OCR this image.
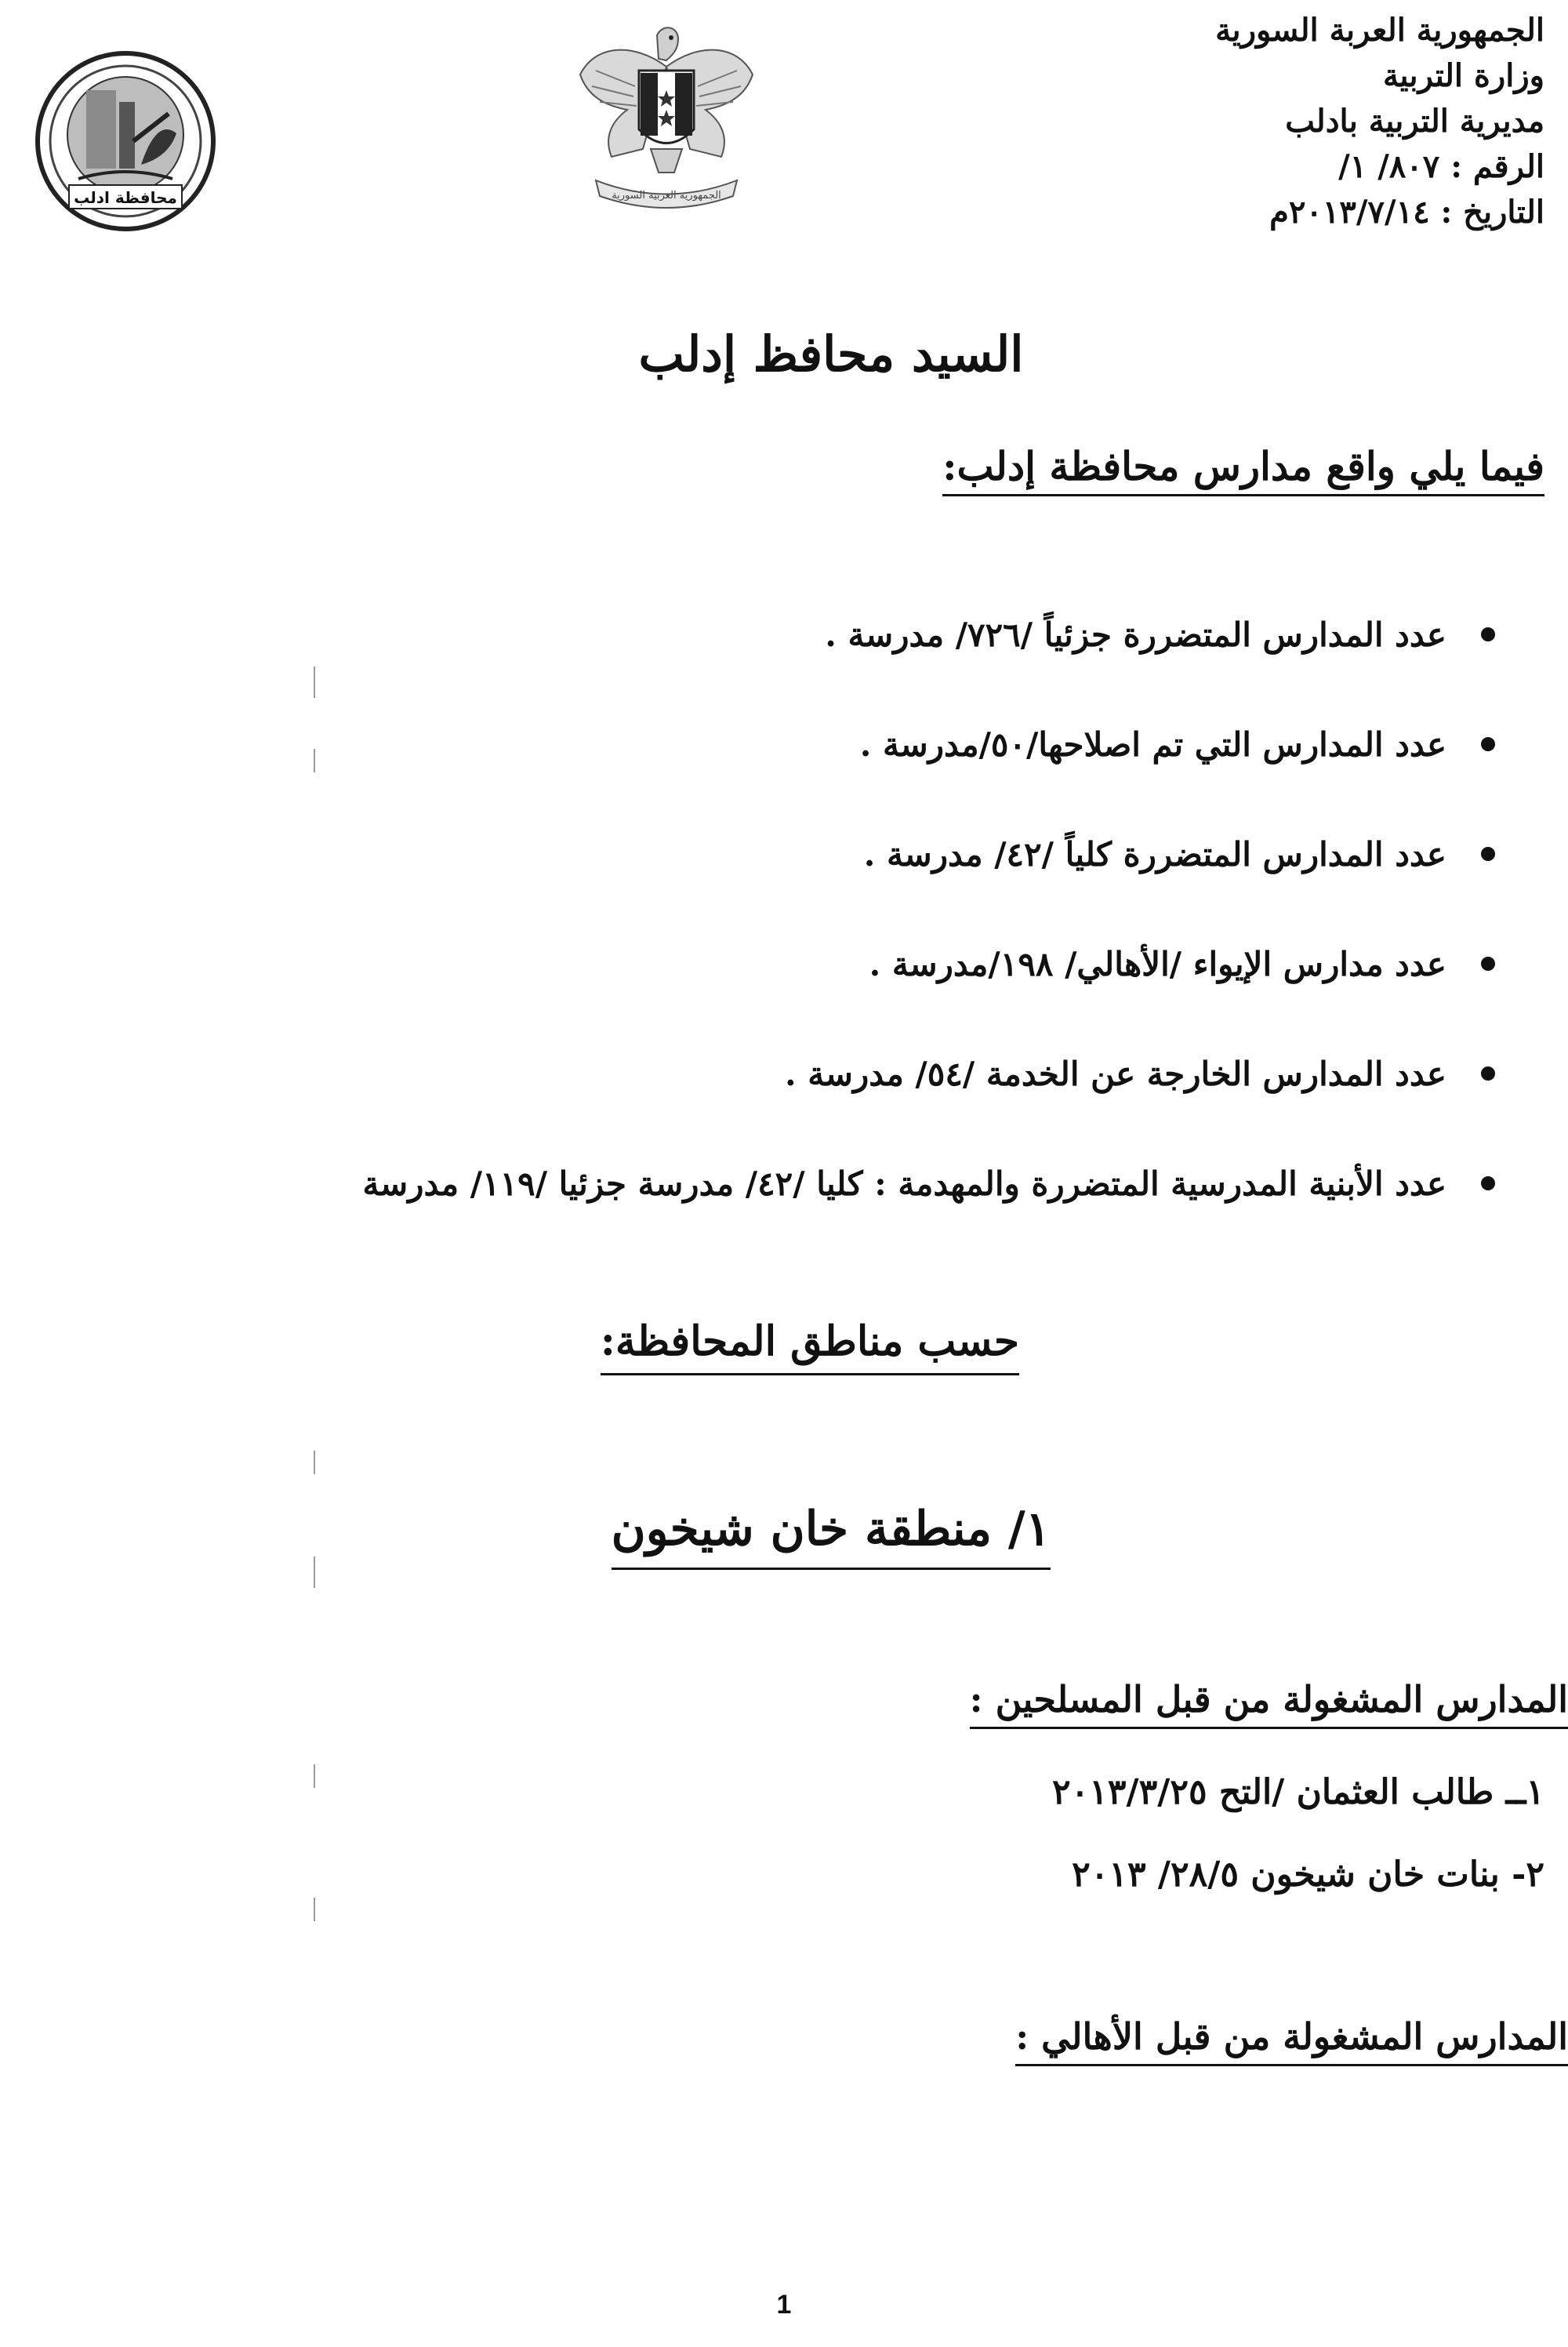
محافظة ادلب	الجمهورية العربية السورية
الجمهورية العربة السورية
وزارة التربية
مديرية التربية بادلب
الرقم : ٨٠٧/ ١/
التاريخ : ٢٠١٣/٧/١٤م
السيد محافظ إدلب
فيما يلي واقع مدارس محافظة إدلب:
عدد المدارس المتضررة جزئياً /٧٢٦/ مدرسة .
عدد المدارس التي تم اصلاحها/٥٠/مدرسة .
عدد المدارس المتضررة كلياً /٤٢/ مدرسة .
عدد مدارس الإيواء /الأهالي/ ١٩٨/مدرسة .
عدد المدارس الخارجة عن الخدمة /٥٤/ مدرسة .
عدد الأبنية المدرسية المتضررة والمهدمة : كليا /٤٢/ مدرسة جزئيا /١١٩/ مدرسة
حسب مناطق المحافظة:
١/ منطقة خان شيخون
المدارس المشغولة من قبل المسلحين :
١ــ طالب العثمان /التح ٢٠١٣/٣/٢٥
٢- بنات خان شيخون ٢٨/٥/ ٢٠١٣
المدارس المشغولة من قبل الأهالي :
1
